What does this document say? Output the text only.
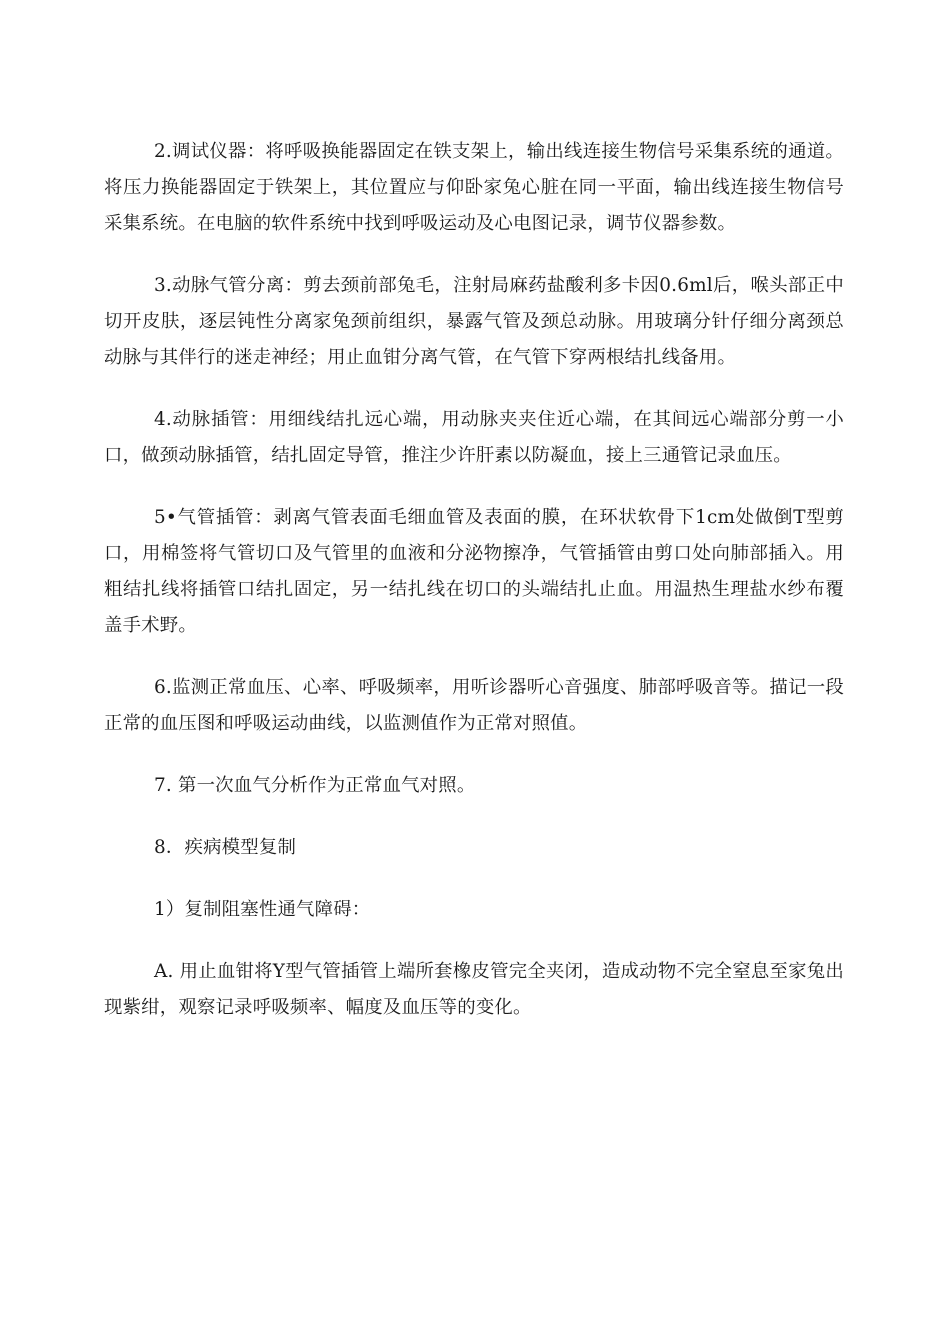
2.调试仪器：将呼吸换能器固定在铁支架上，输出线连接生物信号采集系统的通道。将压力换能器固定于铁架上，其位置应与仰卧家兔心脏在同一平面，输出线连接生物信号采集系统。在电脑的软件系统中找到呼吸运动及心电图记录，调节仪器参数。

3.动脉气管分离：剪去颈前部兔毛，注射局麻药盐酸利多卡因0.6ml后，喉头部正中切开皮肤，逐层钝性分离家兔颈前组织，暴露气管及颈总动脉。用玻璃分针仔细分离颈总动脉与其伴行的迷走神经；用止血钳分离气管，在气管下穿两根结扎线备用。

4.动脉插管：用细线结扎远心端，用动脉夹夹住近心端，在其间远心端部分剪一小口，做颈动脉插管，结扎固定导管，推注少许肝素以防凝血，接上三通管记录血压。

5•气管插管：剥离气管表面毛细血管及表面的膜，在环状软骨下1cm处做倒T型剪口，用棉签将气管切口及气管里的血液和分泌物擦净，气管插管由剪口处向肺部插入。用粗结扎线将插管口结扎固定，另一结扎线在切口的头端结扎止血。用温热生理盐水纱布覆盖手术野。

6.监测正常血压、心率、呼吸频率，用听诊器听心音强度、肺部呼吸音等。描记一段正常的血压图和呼吸运动曲线，以监测值作为正常对照值。

7. 第一次血气分析作为正常血气对照。

8．疾病模型复制

1）复制阻塞性通气障碍：

A. 用止血钳将Y型气管插管上端所套橡皮管完全夹闭，造成动物不完全窒息至家兔出现紫绀，观察记录呼吸频率、幅度及血压等的变化。
